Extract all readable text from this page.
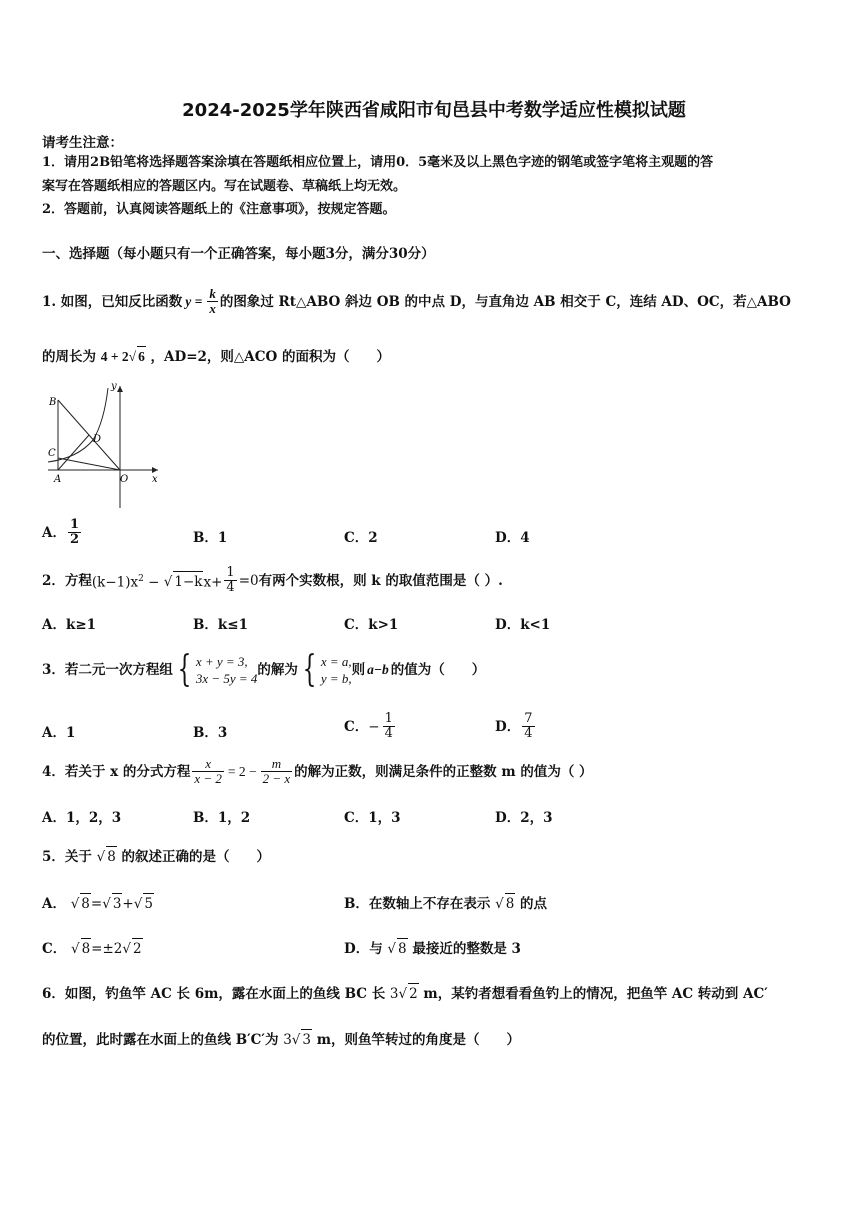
2024-2025学年陕西省咸阳市旬邑县中考数学适应性模拟试题
请考生注意：
1．请用2B铅笔将选择题答案涂填在答题纸相应位置上，请用0．5毫米及以上黑色字迹的钢笔或签字笔将主观题的答
案写在答题纸相应的答题区内。写在试题卷、草稿纸上均无效。
2．答题前，认真阅读答题纸上的《注意事项》，按规定答题。
一、选择题（每小题只有一个正确答案，每小题3分，满分30分）
1. 如图，已知反比函数 $y = \frac{k}{x}$ 的图象过 Rt△ABO 斜边 OB 的中点 D，与直角边 AB 相交于 C，连结 AD、OC，若△ABO
的周长为 4 + 2 √ 6 ，AD=2，则△ACO 的面积为（　　）
B
y
D
C
A	O x
A． $\frac{1}{2}$	B．1	C．2	D．4
2．方程 $(k-1)x^2$ − √ $1-kx+ \frac{1}{4} =0$ 有两个实数根，则 k 的取值范围是（ ）.
A．k≥1	B．k≤1	C．k>1	D．k<1
3．若二元一次方程组 { x + y = 3,
3x − 5y = 4
的解为 { x = a,
y = b,
则 a−b 的值为（　　）
A．1	B．3	C． − $\frac{1}{4}$	D． $\frac{7}{4}$
4．若关于 x 的分式方程 $\frac{x}{x - 2} = 2 - \frac{m}{2 - x}$ 的解为正数，则满足条件的正整数 m 的值为（ ）
A．1，2，3	B．1，2	C．1，3	D．2，3
5．关于 √ 8 的叙述正确的是（　　）
A． √ 8= √ 3+ √ 5	B．在数轴上不存在表示 √ 8 的点
C． √ 8=±2 √ 2	D．与 √ 8 最接近的整数是 3
6．如图，钓鱼竿 AC 长 6m，露在水面上的鱼线 BC 长 3 √ 2 m，某钓者想看看鱼钓上的情况，把鱼竿 AC 转动到 AC′
的位置，此时露在水面上的鱼线 B′C′为 3 √ 3 m，则鱼竿转过的角度是（　　）
